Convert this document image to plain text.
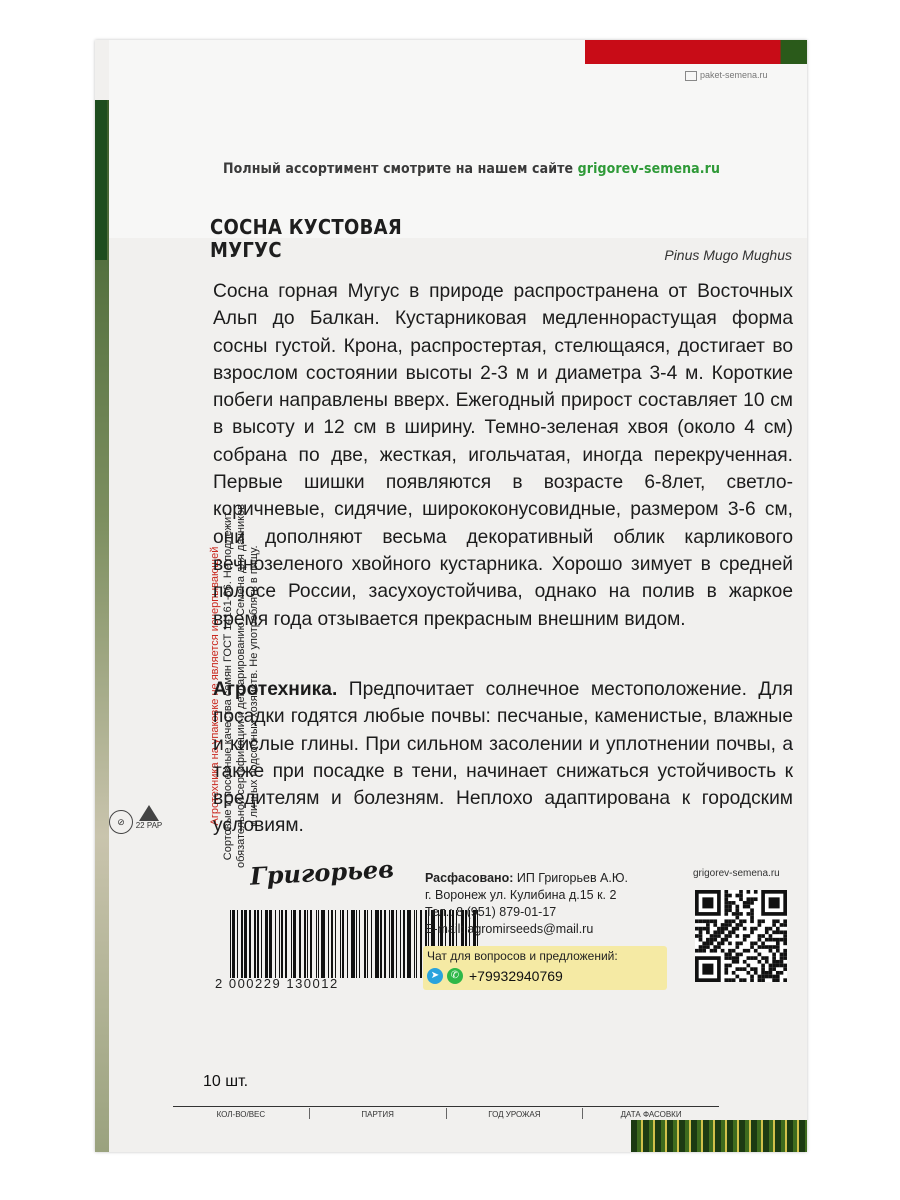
paket-semena.ru
Полный ассортимент смотрите на нашем сайте grigorev-semena.ru
Агротехника на упаковке не является исчерпывающей Сортовые и посевные качества семян ГОСТ 14161-86. Не подлежит обязательной сертификации и декларированию. Семена для дачников и личных подсобных хозяйств. Не употреблять в пищу.
⊘	22 PAP
СОСНА КУСТОВАЯ
МУГУС	Pinus Mugo Mughus
Сосна горная Мугус в природе распространена от Восточных Альп до Балкан. Кустарниковая медленнорастущая форма сосны густой. Крона, распростертая, стелющаяся, достигает во взрослом состоянии высоты 2-3 м и диаметра 3-4 м. Короткие побеги направлены вверх. Ежегодный прирост составляет 10 см в высоту и 12 см в ширину. Темно-зеленая хвоя (около 4 см) собрана по две, жесткая, игольчатая, иногда перекрученная. Первые шишки появляются в возрасте 6-8лет, светло-коричневые, сидячие, ширококонусовидные, размером 3-6 см, они дополняют весьма декоративный облик карликового вечнозеленого хвойного кустарника. Хорошо зимует в средней полосе России, засухоустойчива, однако на полив в жаркое время года отзывается прекрасным внешним видом.
Агротехника. Предпочитает солнечное местоположение. Для посадки годятся любые почвы: песчаные, каменистые, влажные и кислые глины. При сильном засолении и уплотнении почвы, а также при посадке в тени, начинает снижаться устойчивость к вредителям и болезням. Неплохо адаптирована к городским условиям.
Григорьев
2 000229 130012
Расфасовано: ИП Григорьев А.Ю.
г. Воронеж ул. Кулибина д.15 к. 2
Тел.: 8 (951) 879-01-17
E-mail: agromirseeds@mail.ru
Чат для вопросов и предложений:
➤	✆ +79932940769
grigorev-semena.ru
10 шт.
КОЛ-ВО/ВЕС	ПАРТИЯ	ГОД УРОЖАЯ	ДАТА ФАСОВКИ
